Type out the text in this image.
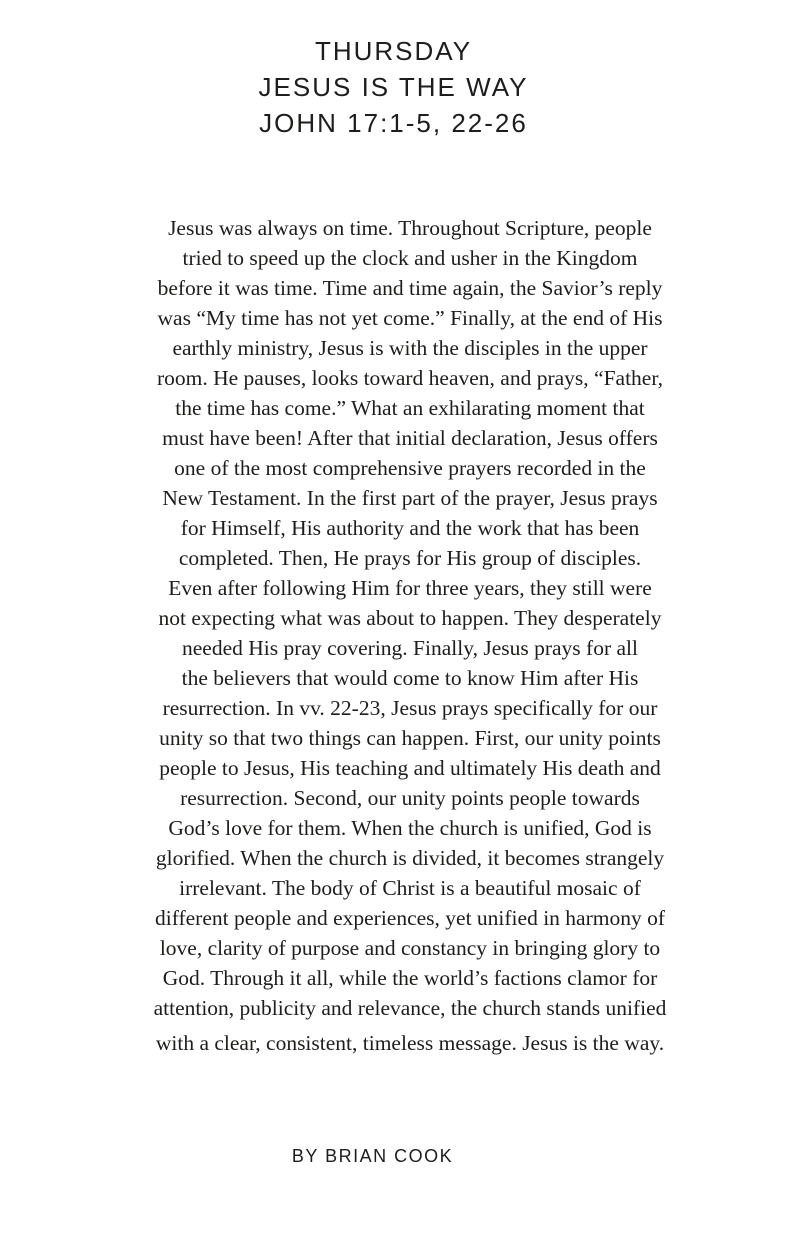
THURSDAY
JESUS IS THE WAY
JOHN 17:1-5, 22-26

Jesus was always on time. Throughout Scripture, people
tried to speed up the clock and usher in the Kingdom
before it was time. Time and time again, the Savior’s reply
was “My time has not yet come.” Finally, at the end of His
earthly ministry, Jesus is with the disciples in the upper
room. He pauses, looks toward heaven, and prays, “Father,
the time has come.” What an exhilarating moment that
must have been! After that initial declaration, Jesus offers
one of the most comprehensive prayers recorded in the
New Testament. In the first part of the prayer, Jesus prays
for Himself, His authority and the work that has been
completed. Then, He prays for His group of disciples.
Even after following Him for three years, they still were
not expecting what was about to happen. They desperately
needed His pray covering. Finally, Jesus prays for all
the believers that would come to know Him after His
resurrection. In vv. 22-23, Jesus prays specifically for our
unity so that two things can happen. First, our unity points
people to Jesus, His teaching and ultimately His death and
resurrection. Second, our unity points people towards
God’s love for them. When the church is unified, God is
glorified. When the church is divided, it becomes strangely
irrelevant. The body of Christ is a beautiful mosaic of
different people and experiences, yet unified in harmony of
love, clarity of purpose and constancy in bringing glory to
God. Through it all, while the world’s factions clamor for
attention, publicity and relevance, the church stands unified
with a clear, consistent, timeless message. Jesus is the way.

BY BRIAN COOK
